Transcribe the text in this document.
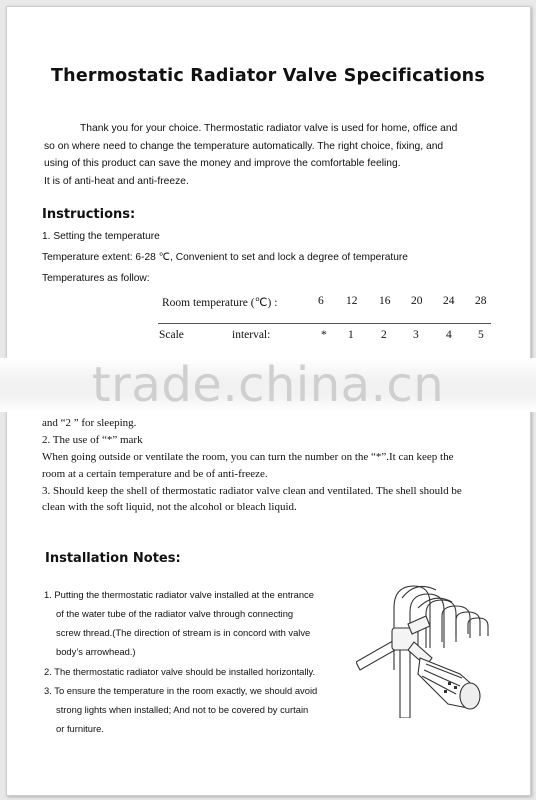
Thermostatic Radiator Valve Specifications
Thank you for your choice. Thermostatic radiator valve is used for home, office and
so on where need to change the temperature automatically. The right choice, fixing, and
using of this product can save the money and improve the comfortable feeling.
It is of anti-heat and anti-freeze.
Instructions:
1. Setting the temperature
Temperature extent: 6-28 ℃, Convenient to set and lock a degree of temperature
Temperatures as follow:
Room temperature (℃) :	6 12 16 20 24 28
Scale	interval:	* 1 2 3 4 5
trade.china.cn
and “2 ” for sleeping.
2. The use of “*” mark
When going outside or ventilate the room, you can turn the number on the “*”.It can keep the
room at a certain temperature and be of anti-freeze.
3. Should keep the shell of thermostatic radiator valve clean and ventilated. The shell should be
clean with the soft liquid, not the alcohol or bleach liquid.
Installation Notes:
1. Putting the thermostatic radiator valve installed at the entrance
of the water tube of the radiator valve through connecting
screw thread.(The direction of stream is in concord with valve
body’s arrowhead.)
2. The thermostatic radiator valve should be installed horizontally.
3. To ensure the temperature in the room exactly, we should avoid
strong lights when installed; And not to be covered by curtain
or furniture.
